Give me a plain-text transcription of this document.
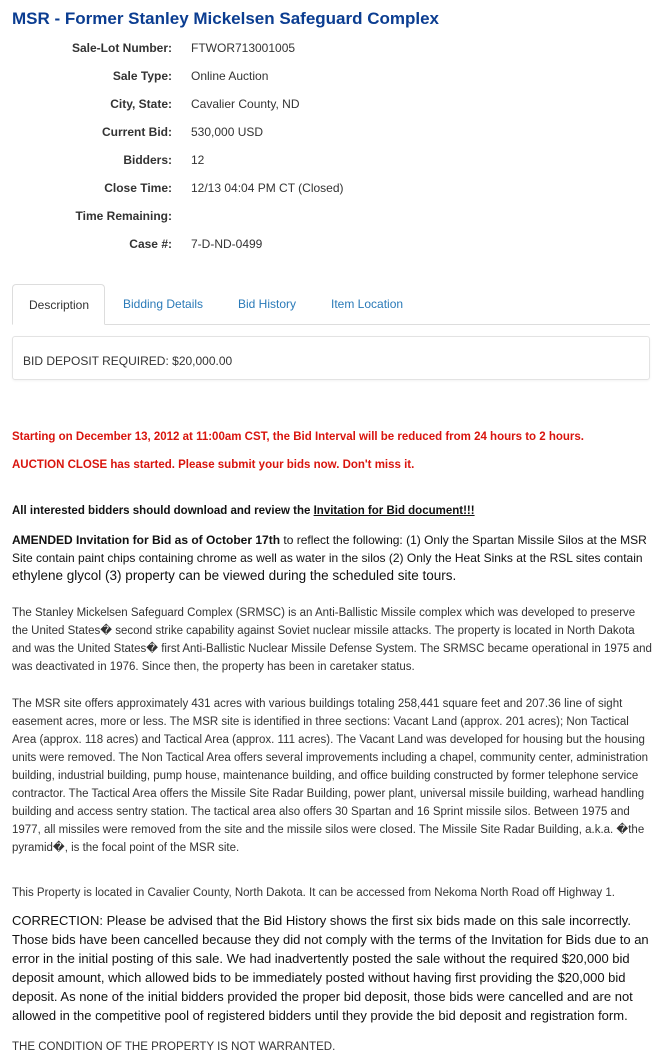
MSR - Former Stanley Mickelsen Safeguard Complex
Sale-Lot Number: FTWOR713001005
Sale Type: Online Auction
City, State: Cavalier County, ND
Current Bid: 530,000 USD
Bidders: 12
Close Time: 12/13 04:04 PM CT (Closed)
Time Remaining:
Case #: 7-D-ND-0499
Description	Bidding Details	Bid History	Item Location
BID DEPOSIT REQUIRED: $20,000.00
Starting on December 13, 2012 at 11:00am CST, the Bid Interval will be reduced from 24 hours to 2 hours.
AUCTION CLOSE has started. Please submit your bids now. Don't miss it.
All interested bidders should download and review the Invitation for Bid document!!!
AMENDED Invitation for Bid as of October 17th to reflect the following: (1) Only the Spartan Missile Silos at the MSR Site contain paint chips containing chrome as well as water in the silos (2) Only the Heat Sinks at the RSL sites contain ethylene glycol (3) property can be viewed during the scheduled site tours.
The Stanley Mickelsen Safeguard Complex (SRMSC) is an Anti-Ballistic Missile complex which was developed to preserve the United States� second strike capability against Soviet nuclear missile attacks. The property is located in North Dakota and was the United States� first Anti-Ballistic Nuclear Missile Defense System. The SRMSC became operational in 1975 and was deactivated in 1976. Since then, the property has been in caretaker status.
The MSR site offers approximately 431 acres with various buildings totaling 258,441 square feet and 207.36 line of sight easement acres, more or less. The MSR site is identified in three sections: Vacant Land (approx. 201 acres); Non Tactical Area (approx. 118 acres) and Tactical Area (approx. 111 acres). The Vacant Land was developed for housing but the housing units were removed. The Non Tactical Area offers several improvements including a chapel, community center, administration building, industrial building, pump house, maintenance building, and office building constructed by former telephone service contractor. The Tactical Area offers the Missile Site Radar Building, power plant, universal missile building, warhead handling building and access sentry station. The tactical area also offers 30 Spartan and 16 Sprint missile silos. Between 1975 and 1977, all missiles were removed from the site and the missile silos were closed. The Missile Site Radar Building, a.k.a. �the pyramid�, is the focal point of the MSR site.
This Property is located in Cavalier County, North Dakota. It can be accessed from Nekoma North Road off Highway 1.
CORRECTION: Please be advised that the Bid History shows the first six bids made on this sale incorrectly. Those bids have been cancelled because they did not comply with the terms of the Invitation for Bids due to an error in the initial posting of this sale. We had inadvertently posted the sale without the required $20,000 bid deposit amount, which allowed bids to be immediately posted without having first providing the $20,000 bid deposit. As none of the initial bidders provided the proper bid deposit, those bids were cancelled and are not allowed in the competitive pool of registered bidders until they provide the bid deposit and registration form.
THE CONDITION OF THE PROPERTY IS NOT WARRANTED.
